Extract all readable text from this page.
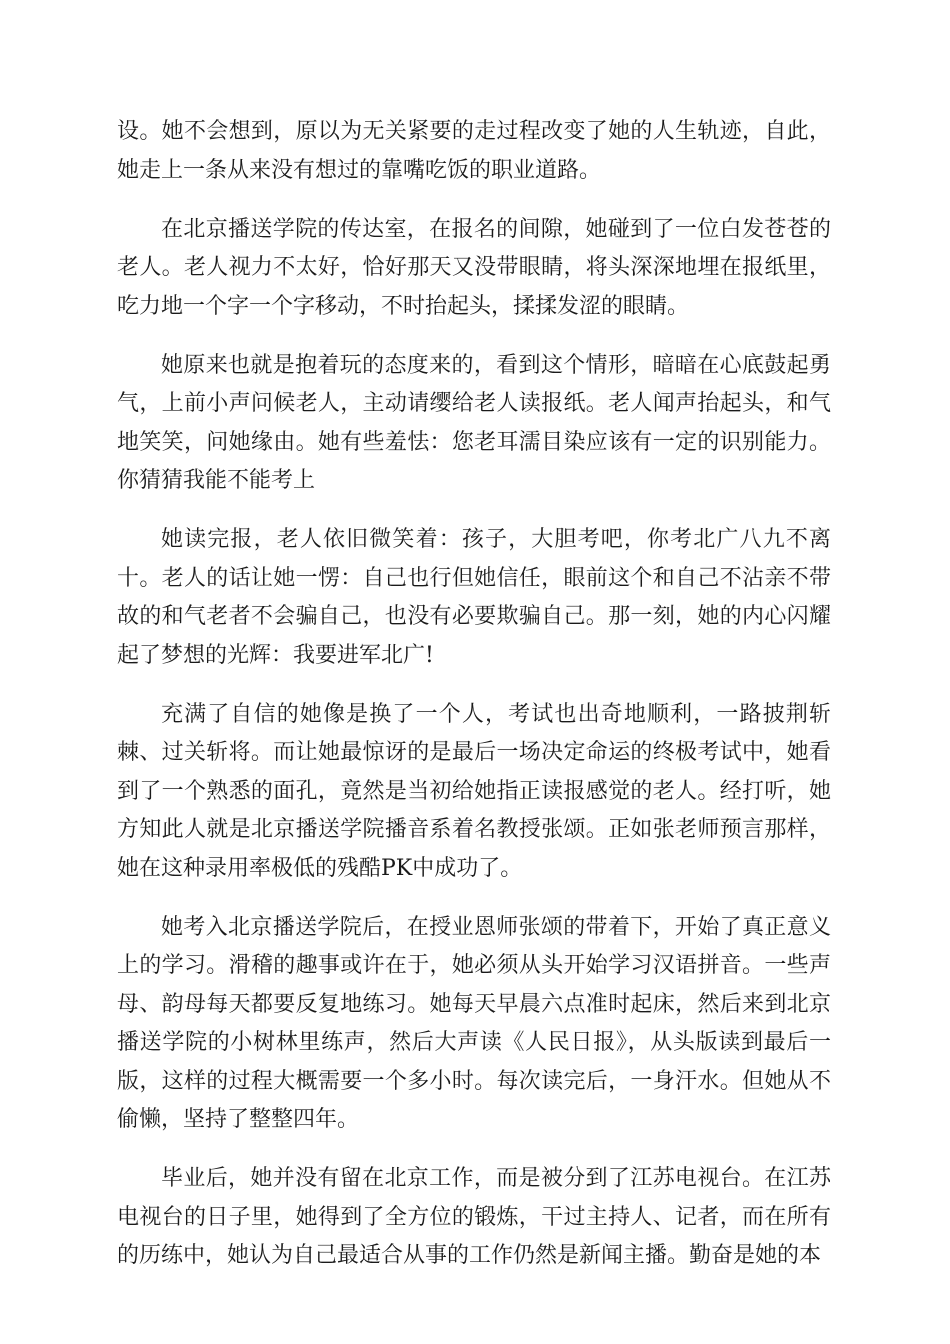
设。她不会想到，原以为无关紧要的走过程改变了她的人生轨迹，自此，她走上一条从来没有想过的靠嘴吃饭的职业道路。

在北京播送学院的传达室，在报名的间隙，她碰到了一位白发苍苍的老人。老人视力不太好，恰好那天又没带眼睛，将头深深地埋在报纸里，吃力地一个字一个字移动，不时抬起头，揉揉发涩的眼睛。

她原来也就是抱着玩的态度来的，看到这个情形，暗暗在心底鼓起勇气，上前小声问候老人，主动请缨给老人读报纸。老人闻声抬起头，和气地笑笑，问她缘由。她有些羞怯：您老耳濡目染应该有一定的识别能力。你猜猜我能不能考上

她读完报，老人依旧微笑着：孩子，大胆考吧，你考北广八九不离十。老人的话让她一愣：自己也行但她信任，眼前这个和自己不沾亲不带故的和气老者不会骗自己，也没有必要欺骗自己。那一刻，她的内心闪耀起了梦想的光辉：我要进军北广!

充满了自信的她像是换了一个人，考试也出奇地顺利，一路披荆斩棘、过关斩将。而让她最惊讶的是最后一场决定命运的终极考试中，她看到了一个熟悉的面孔，竟然是当初给她指正读报感觉的老人。经打听，她方知此人就是北京播送学院播音系着名教授张颂。正如张老师预言那样，她在这种录用率极低的残酷PK中成功了。

她考入北京播送学院后，在授业恩师张颂的带着下，开始了真正意义上的学习。滑稽的趣事或许在于，她必须从头开始学习汉语拼音。一些声母、韵母每天都要反复地练习。她每天早晨六点准时起床，然后来到北京播送学院的小树林里练声，然后大声读《人民日报》，从头版读到最后一版，这样的过程大概需要一个多小时。每次读完后，一身汗水。但她从不偷懒，坚持了整整四年。

毕业后，她并没有留在北京工作，而是被分到了江苏电视台。在江苏电视台的日子里，她得到了全方位的锻炼，干过主持人、记者，而在所有的历练中，她认为自己最适合从事的工作仍然是新闻主播。勤奋是她的本
